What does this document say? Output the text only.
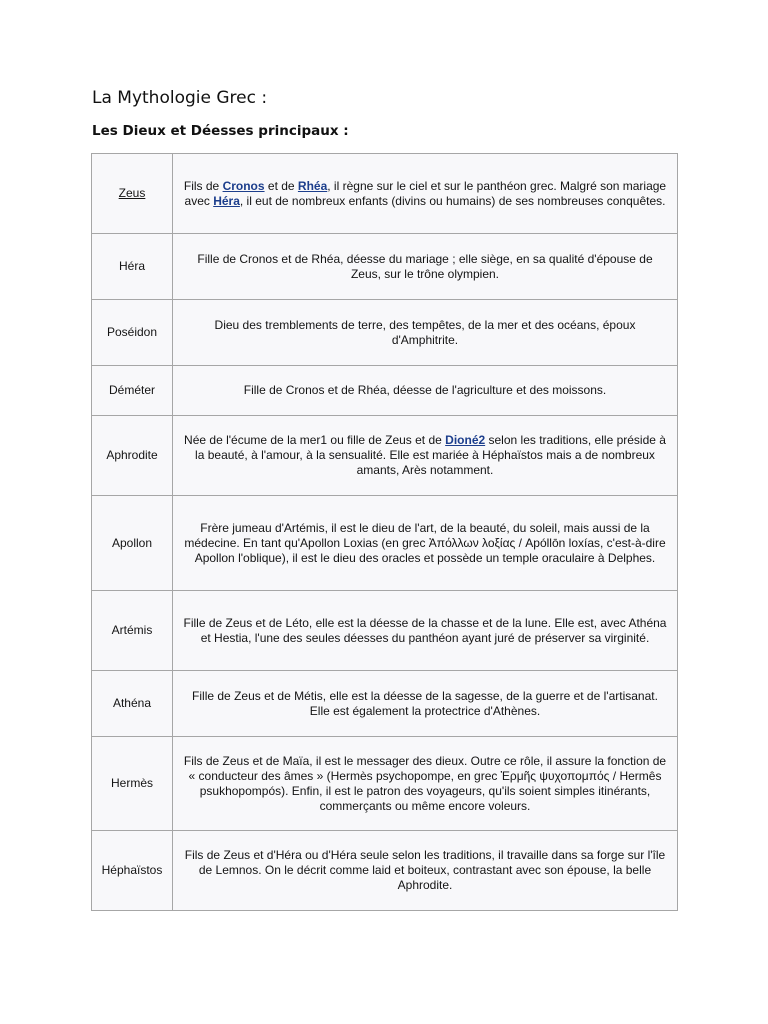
La Mythologie Grec :
Les Dieux et Déesses principaux :
Zeus	Fils de Cronos et de Rhéa, il règne sur le ciel et sur le panthéon grec. Malgré son mariage avec Héra, il eut de nombreux enfants (divins ou humains) de ses nombreuses conquêtes.
Héra	Fille de Cronos et de Rhéa, déesse du mariage ; elle siège, en sa qualité d'épouse de Zeus, sur le trône olympien.
Poséidon	Dieu des tremblements de terre, des tempêtes, de la mer et des océans, époux d'Amphitrite.
Déméter	Fille de Cronos et de Rhéa, déesse de l'agriculture et des moissons.
Aphrodite	Née de l'écume de la mer1 ou fille de Zeus et de Dioné2 selon les traditions, elle préside à la beauté, à l'amour, à la sensualité. Elle est mariée à Héphaïstos mais a de nombreux amants, Arès notamment.
Apollon	Frère jumeau d'Artémis, il est le dieu de l'art, de la beauté, du soleil, mais aussi de la médecine. En tant qu'Apollon Loxias (en grec Ἀπόλλων λοξίας / Apóllōn loxías, c'est-à-dire Apollon l'oblique), il est le dieu des oracles et possède un temple oraculaire à Delphes.
Artémis	Fille de Zeus et de Léto, elle est la déesse de la chasse et de la lune. Elle est, avec Athéna et Hestia, l'une des seules déesses du panthéon ayant juré de préserver sa virginité.
Athéna	Fille de Zeus et de Métis, elle est la déesse de la sagesse, de la guerre et de l'artisanat. Elle est également la protectrice d'Athènes.
Hermès	Fils de Zeus et de Maïa, il est le messager des dieux. Outre ce rôle, il assure la fonction de « conducteur des âmes » (Hermès psychopompe, en grec Ἑρμῆς ψυχοπομπός / Hermês psukhopompós). Enfin, il est le patron des voyageurs, qu'ils soient simples itinérants, commerçants ou même encore voleurs.
Héphaïstos	Fils de Zeus et d'Héra ou d'Héra seule selon les traditions, il travaille dans sa forge sur l'île de Lemnos. On le décrit comme laid et boiteux, contrastant avec son épouse, la belle Aphrodite.
